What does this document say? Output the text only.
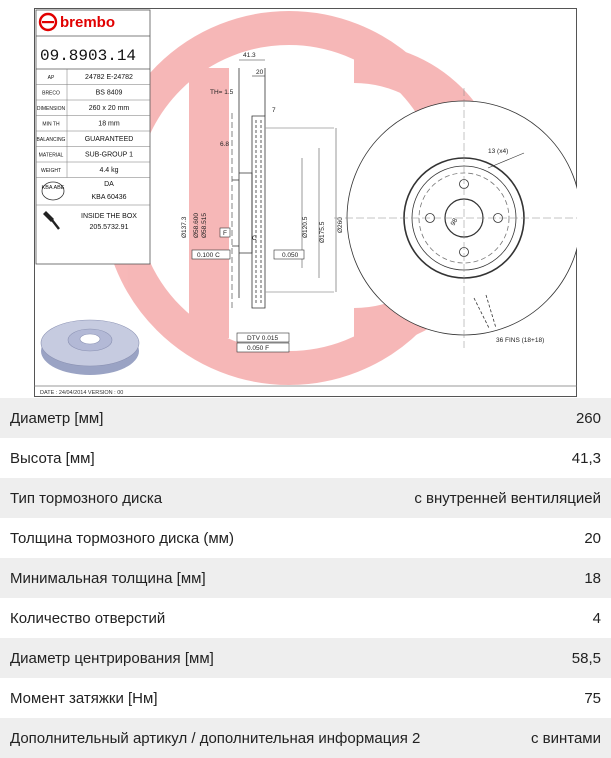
brembo
09.8903.14
AP	24782 E-24782
BRECO	BS 8409
DIMENSION	260 x 20 mm
MIN TH	18 mm
BALANCING	GUARANTEED
MATERIAL	SUB-GROUP 1
WEIGHT	4.4 kg
KBA ABE	DA
KBA 60436
INSIDE THE BOX
205.5732.91
41.3
20
TH= 1.5
7
6.8
Ø137.3 Ø58.600 Ø58.515	Ø120.5 Ø175.5 Ø260
F
C
0.100 C	0.050
DTV 0.015
0.050 F
13 (x4)
98
36 FINS (18+18)
DATE : 24/04/2014 VERSION : 00
Диаметр [мм]	260
Высота [мм]	41,3
Тип тормозного диска	с внутренней вентиляцией
Толщина тормозного диска (мм)	20
Минимальная толщина [мм]	18
Количество отверстий	4
Диаметр центрирования [мм]	58,5
Момент затяжки [Нм]	75
Дополнительный артикул / дополнительная информация 2	с винтами
